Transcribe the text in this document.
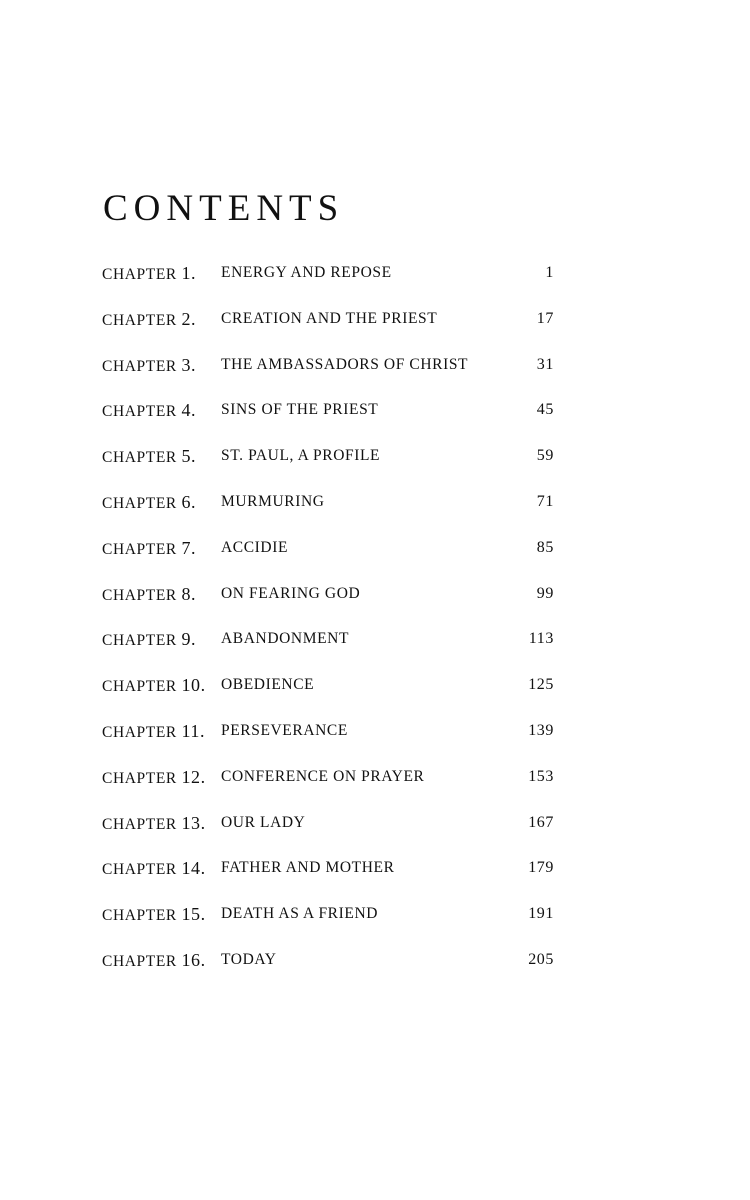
CONTENTS
CHAPTER 1. ENERGY AND REPOSE	1
CHAPTER 2. CREATION AND THE PRIEST	17
CHAPTER 3. THE AMBASSADORS OF CHRIST	31
CHAPTER 4. SINS OF THE PRIEST	45
CHAPTER 5. ST. PAUL, A PROFILE	59
CHAPTER 6. MURMURING	71
CHAPTER 7. ACCIDIE	85
CHAPTER 8. ON FEARING GOD	99
CHAPTER 9. ABANDONMENT	113
CHAPTER 10. OBEDIENCE	125
CHAPTER 11. PERSEVERANCE	139
CHAPTER 12. CONFERENCE ON PRAYER	153
CHAPTER 13. OUR LADY	167
CHAPTER 14. FATHER AND MOTHER	179
CHAPTER 15. DEATH AS A FRIEND	191
CHAPTER 16. TODAY	205
